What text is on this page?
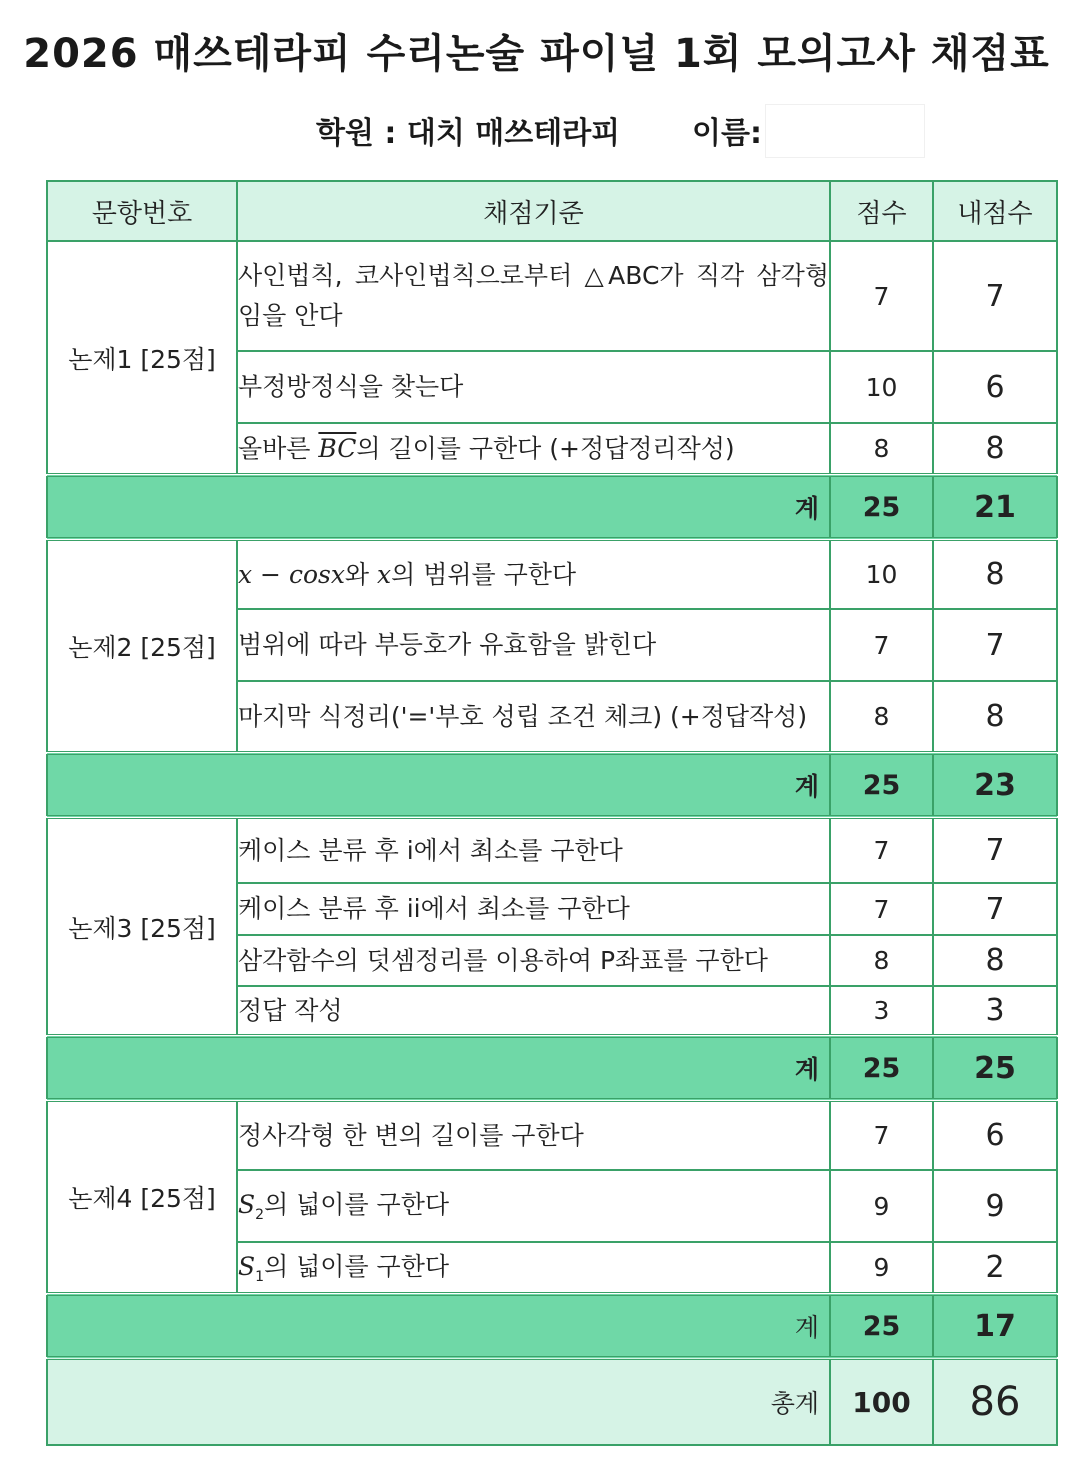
2026 매쓰테라피 수리논술 파이널 1회 모의고사 채점표
학원 : 대치 매쓰테라피 이름:
문항번호	채점기준	점수	내점수
논제1 [25점]	사인법칙, 코사인법칙으로부터 △ABC가 직각 삼각형임을 안다	7	7
	부정방정식을 찾는다	10	6
	올바른 $\overline{BC}$의 길이를 구한다 (+정답정리작성)	8	8
계		25	21
논제2 [25점]	x − cosx와 x의 범위를 구한다	10	8
	범위에 따라 부등호가 유효함을 밝힌다	7	7
	마지막 식정리('='부호 성립 조건 체크) (+정답작성)	8	8
계		25	23
논제3 [25점]	케이스 분류 후 i에서 최소를 구한다	7	7
	케이스 분류 후 ii에서 최소를 구한다	7	7
	삼각함수의 덧셈정리를 이용하여 P좌표를 구한다	8	8
	정답 작성	3	3
계		25	25
논제4 [25점]	정사각형 한 변의 길이를 구한다	7	6
	$S_2$의 넓이를 구한다	9	9
	$S_1$의 넓이를 구한다	9	2
계		25	17
총계		100	86
